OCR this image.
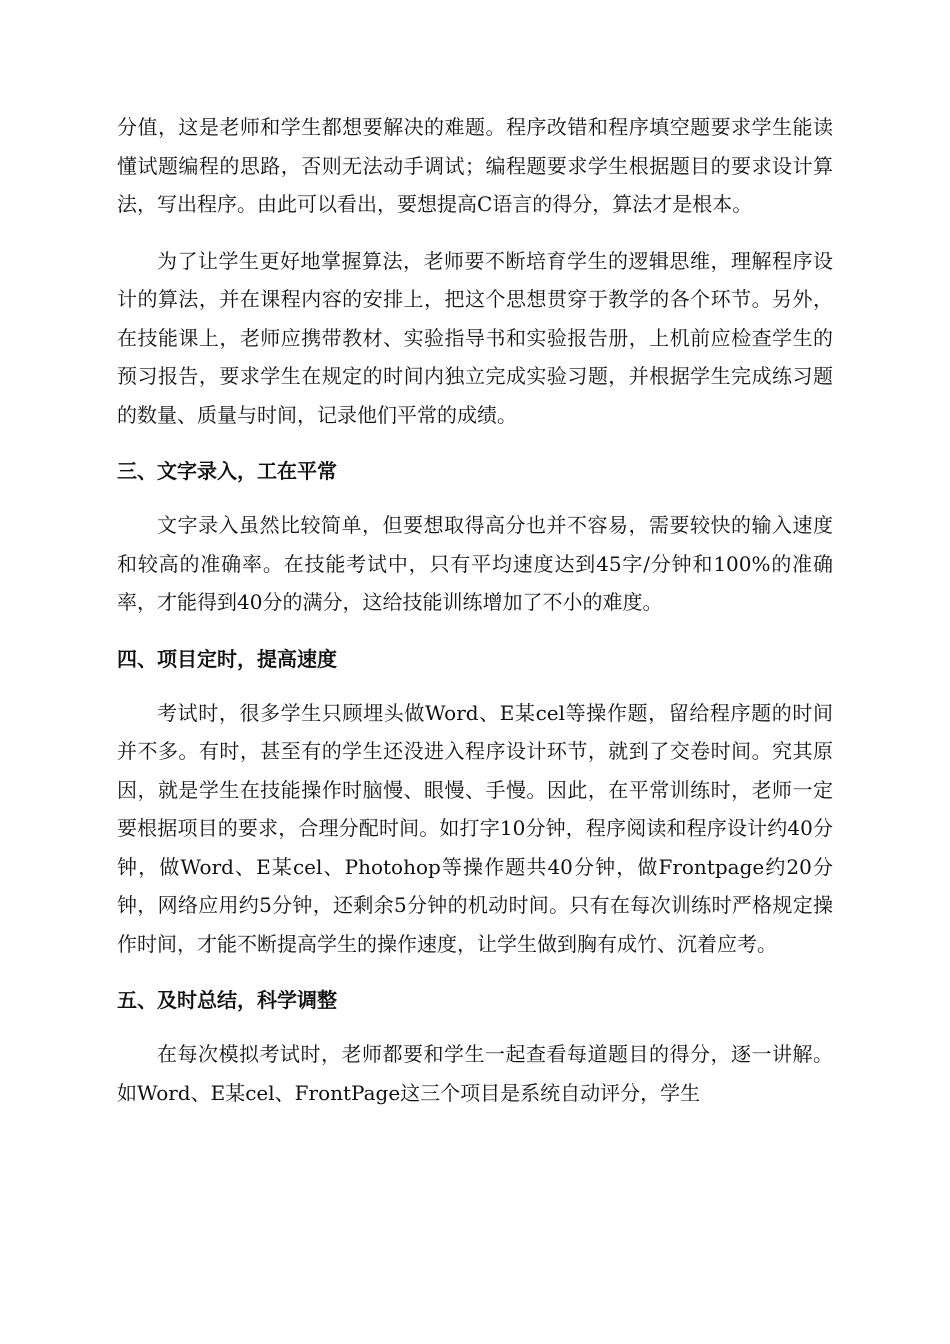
分值，这是老师和学生都想要解决的难题。程序改错和程序填空题要求学生能读懂试题编程的思路，否则无法动手调试；编程题要求学生根据题目的要求设计算法，写出程序。由此可以看出，要想提高C语言的得分，算法才是根本。

为了让学生更好地掌握算法，老师要不断培育学生的逻辑思维，理解程序设计的算法，并在课程内容的安排上，把这个思想贯穿于教学的各个环节。另外，在技能课上，老师应携带教材、实验指导书和实验报告册，上机前应检查学生的预习报告，要求学生在规定的时间内独立完成实验习题，并根据学生完成练习题的数量、质量与时间，记录他们平常的成绩。

三、文字录入，工在平常

文字录入虽然比较简单，但要想取得高分也并不容易，需要较快的输入速度和较高的准确率。在技能考试中，只有平均速度达到45字/分钟和100%的准确率，才能得到40分的满分，这给技能训练增加了不小的难度。

四、项目定时，提高速度

考试时，很多学生只顾埋头做Word、E某cel等操作题，留给程序题的时间并不多。有时，甚至有的学生还没进入程序设计环节，就到了交卷时间。究其原因，就是学生在技能操作时脑慢、眼慢、手慢。因此，在平常训练时，老师一定要根据项目的要求，合理分配时间。如打字10分钟，程序阅读和程序设计约40分钟，做Word、E某cel、Photohop等操作题共40分钟，做Frontpage约20分钟，网络应用约5分钟，还剩余5分钟的机动时间。只有在每次训练时严格规定操作时间，才能不断提高学生的操作速度，让学生做到胸有成竹、沉着应考。

五、及时总结，科学调整

在每次模拟考试时，老师都要和学生一起查看每道题目的得分，逐一讲解。如Word、E某cel、FrontPage这三个项目是系统自动评分，学生
